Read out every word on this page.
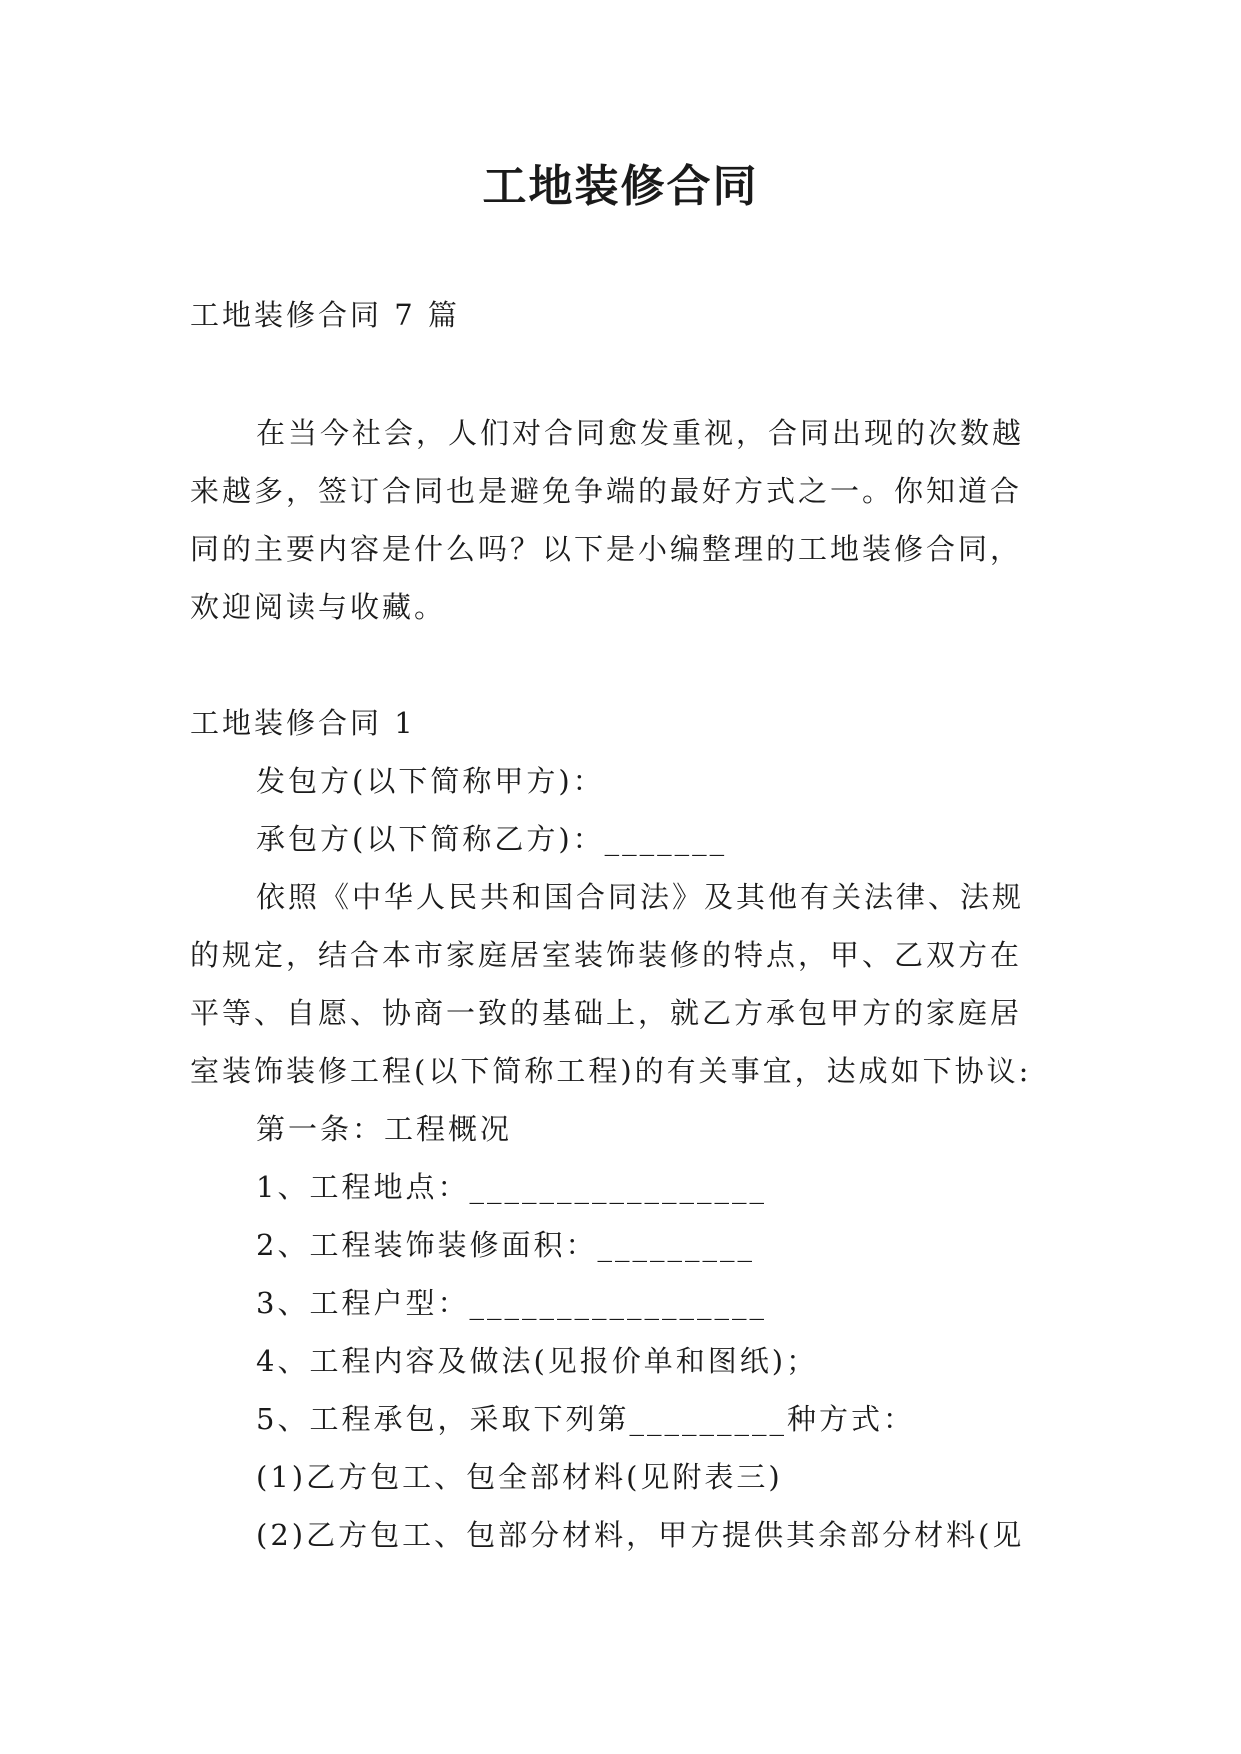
工地装修合同

工地装修合同 7 篇

在当今社会，人们对合同愈发重视，合同出现的次数越
来越多，签订合同也是避免争端的最好方式之一。你知道合
同的主要内容是什么吗？以下是小编整理的工地装修合同，
欢迎阅读与收藏。

工地装修合同 1
发包方(以下简称甲方)：
承包方(以下简称乙方)：_______
依照《中华人民共和国合同法》及其他有关法律、法规
的规定，结合本市家庭居室装饰装修的特点，甲、乙双方在
平等、自愿、协商一致的基础上，就乙方承包甲方的家庭居
室装饰装修工程(以下简称工程)的有关事宜，达成如下协议:
第一条：工程概况
1、工程地点：_________________
2、工程装饰装修面积：_________
3、工程户型：_________________
4、工程内容及做法(见报价单和图纸)；
5、工程承包，采取下列第_________种方式：
(1)乙方包工、包全部材料(见附表三)
(2)乙方包工、包部分材料，甲方提供其余部分材料(见
